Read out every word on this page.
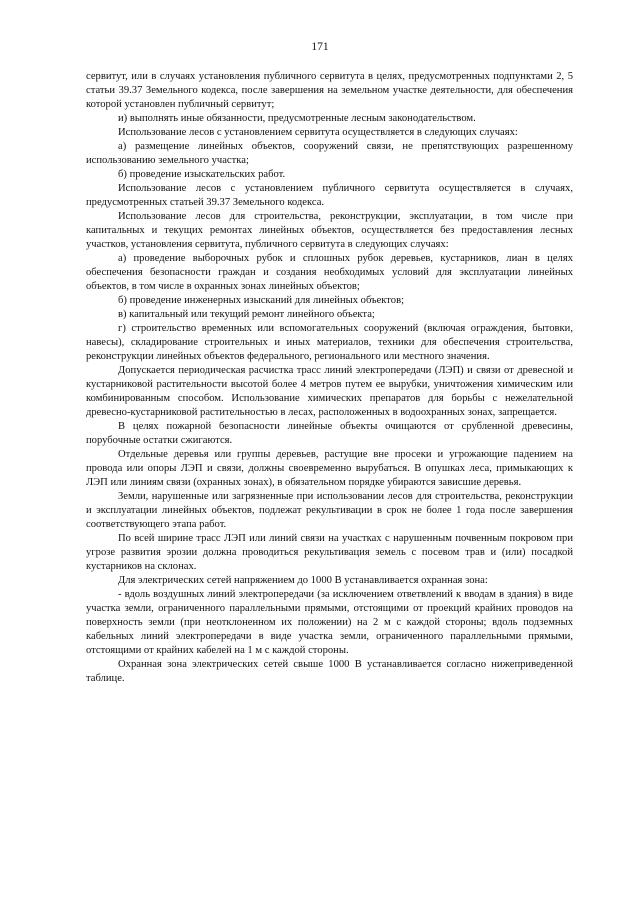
171

сервитут, или в случаях установления публичного сервитута в целях, предусмотренных подпунктами 2, 5 статьи 39.37 Земельного кодекса, после завершения на земельном участке деятельности, для обеспечения которой установлен публичный сервитут;

и) выполнять иные обязанности, предусмотренные лесным законодательством.

Использование лесов с установлением сервитута осуществляется в следующих случаях:

а) размещение линейных объектов, сооружений связи, не препятствующих разрешенному использованию земельного участка;

б) проведение изыскательских работ.

Использование лесов с установлением публичного сервитута осуществляется в случаях, предусмотренных статьей 39.37 Земельного кодекса.

Использование лесов для строительства, реконструкции, эксплуатации, в том числе при капитальных и текущих ремонтах линейных объектов, осуществляется без предоставления лесных участков, установления сервитута, публичного сервитута в следующих случаях:

а) проведение выборочных рубок и сплошных рубок деревьев, кустарников, лиан в целях обеспечения безопасности граждан и создания необходимых условий для эксплуатации линейных объектов, в том числе в охранных зонах линейных объектов;

б) проведение инженерных изысканий для линейных объектов;

в) капитальный или текущий ремонт линейного объекта;

г) строительство временных или вспомогательных сооружений (включая ограждения, бытовки, навесы), складирование строительных и иных материалов, техники для обеспечения строительства, реконструкции линейных объектов федерального, регионального или местного значения.

Допускается периодическая расчистка трасс линий электропередачи (ЛЭП) и связи от древесной и кустарниковой растительности высотой более 4 метров путем ее вырубки, уничтожения химическим или комбинированным способом. Использование химических препаратов для борьбы с нежелательной древесно-кустарниковой растительностью в лесах, расположенных в водоохранных зонах, запрещается.

В целях пожарной безопасности линейные объекты очищаются от срубленной древесины, порубочные остатки сжигаются.

Отдельные деревья или группы деревьев, растущие вне просеки и угрожающие падением на провода или опоры ЛЭП и связи, должны своевременно вырубаться. В опушках леса, примыкающих к ЛЭП или линиям связи (охранных зонах), в обязательном порядке убираются зависшие деревья.

Земли, нарушенные или загрязненные при использовании лесов для строительства, реконструкции и эксплуатации линейных объектов, подлежат рекультивации в срок не более 1 года после завершения соответствующего этапа работ.

По всей ширине трасс ЛЭП или линий связи на участках с нарушенным почвенным покровом при угрозе развития эрозии должна проводиться рекультивация земель с посевом трав и (или) посадкой кустарников на склонах.

Для электрических сетей напряжением до 1000 В устанавливается охранная зона:

- вдоль воздушных линий электропередачи (за исключением ответвлений к вводам в здания) в виде участка земли, ограниченного параллельными прямыми, отстоящими от проекций крайних проводов на поверхность земли (при неотклоненном их положении) на 2 м с каждой стороны; вдоль подземных кабельных линий электропередачи в виде участка земли, ограниченного параллельными прямыми, отстоящими от крайних кабелей на 1 м с каждой стороны.

Охранная зона электрических сетей свыше 1000 В устанавливается согласно нижеприведенной таблице.
